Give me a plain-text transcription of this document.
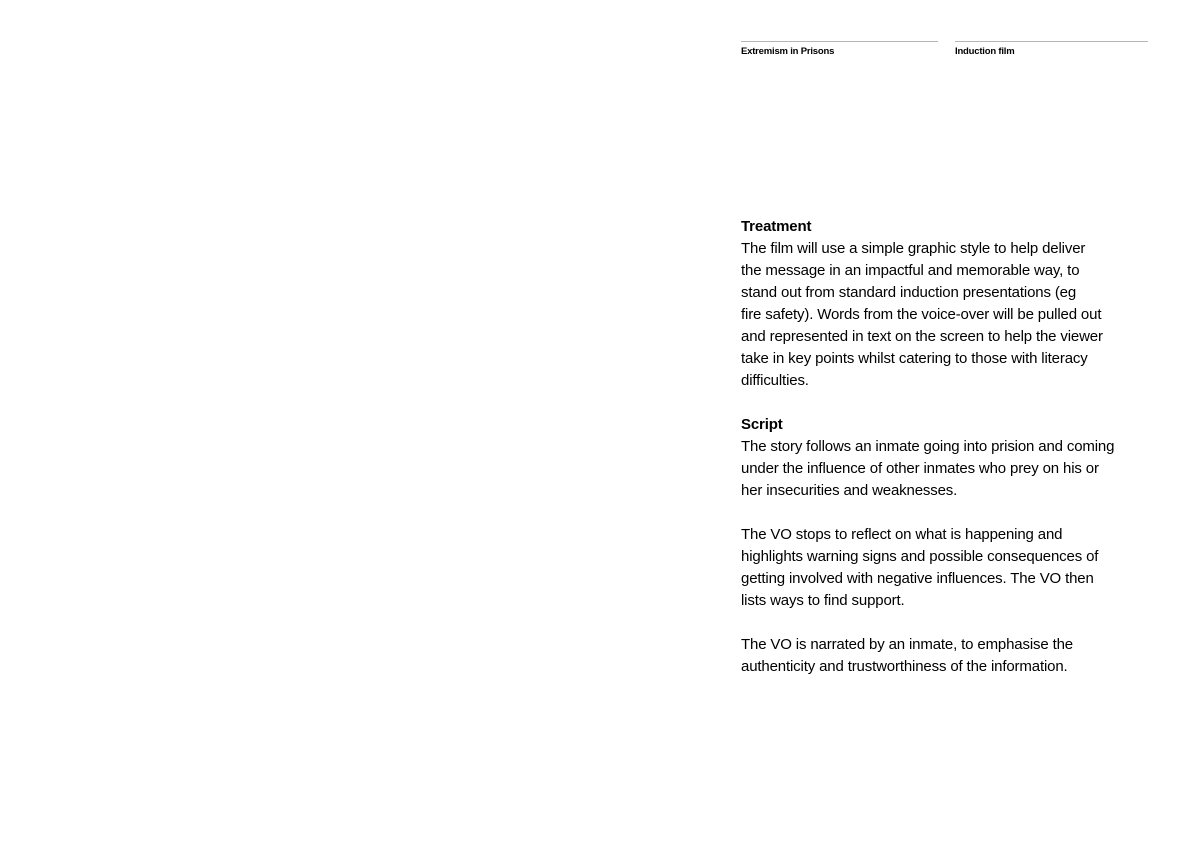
Extremism in Prisons	Induction film
Treatment

The film will use a simple graphic style to help deliver
the message in an impactful and memorable way, to
stand out from standard induction presentations (eg
fire safety). Words from the voice-over will be pulled out
and represented in text on the screen to help the viewer
take in key points whilst catering to those with literacy
difficulties.

Script

The story follows an inmate going into prision and coming
under the influence of other inmates who prey on his or
her insecurities and weaknesses.

The VO stops to reflect on what is happening and
highlights warning signs and possible consequences of
getting involved with negative influences. The VO then
lists ways to find support.

The VO is narrated by an inmate, to emphasise the
authenticity and trustworthiness of the information.
